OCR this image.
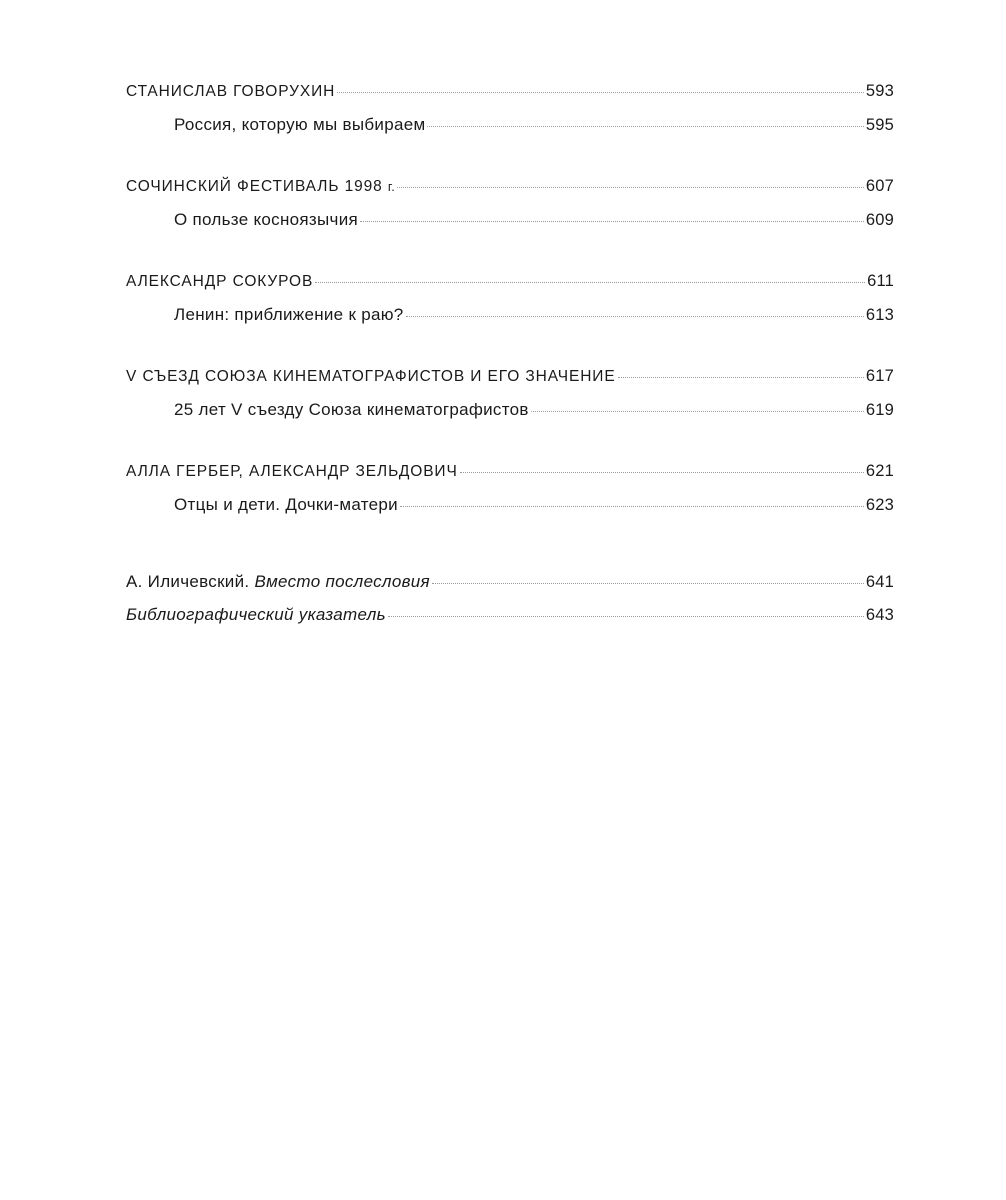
СТАНИСЛАВ ГОВОРУХИН	593
Россия, которую мы выбираем	595
СОЧИНСКИЙ ФЕСТИВАЛЬ 1998 г.	607
О пользе косноязычия	609
АЛЕКСАНДР СОКУРОВ	611
Ленин: приближение к раю?	613
V СЪЕЗД СОЮЗА КИНЕМАТОГРАФИСТОВ И ЕГО ЗНАЧЕНИЕ	617
25 лет V съезду Союза кинематографистов	619
АЛЛА ГЕРБЕР, АЛЕКСАНДР ЗЕЛЬДОВИЧ	621
Отцы и дети. Дочки-матери	623
А. Иличевский. Вместо послесловия	641
Библиографический указатель	643
